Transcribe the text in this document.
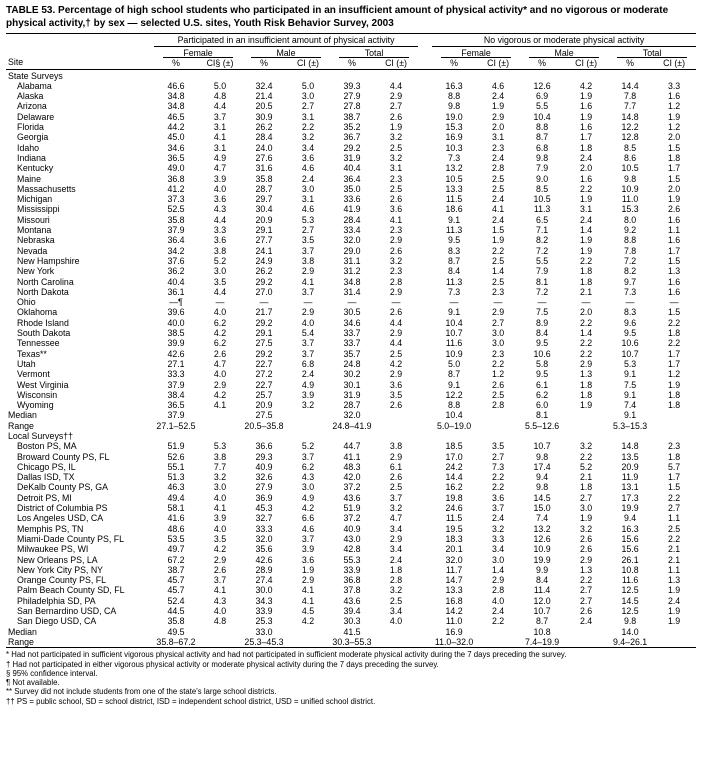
TABLE 53. Percentage of high school students who participated in an insufficient amount of physical activity* and no vigorous or moderate physical activity,† by sex — selected U.S. sites, Youth Risk Behavior Survey, 2003
Site	Participated in an insufficient amount of physical activity							No vigorous or moderate physical activity					
	Female		Male		Total			Female		Male		Total	
	%	CI§ (±)	%	CI (±)	%	CI (±)		%	CI (±)	%	CI (±)	%	CI (±)
State Surveys													
Alabama	46.6	5.0	32.4	5.0	39.3	4.4		16.3	4.6	12.6	4.2	14.4	3.3
Alaska	34.8	4.8	21.4	3.0	27.9	2.9		8.8	2.4	6.9	1.9	7.8	1.6
Arizona	34.8	4.4	20.5	2.7	27.8	2.7		9.8	1.9	5.5	1.6	7.7	1.2
Delaware	46.5	3.7	30.9	3.1	38.7	2.6		19.0	2.9	10.4	1.9	14.8	1.9
Florida	44.2	3.1	26.2	2.2	35.2	1.9		15.3	2.0	8.8	1.6	12.2	1.2
Georgia	45.0	4.1	28.4	3.2	36.7	3.2		16.9	3.1	8.7	1.7	12.8	2.0
Idaho	34.6	3.1	24.0	3.4	29.2	2.5		10.3	2.3	6.8	1.8	8.5	1.5
Indiana	36.5	4.9	27.6	3.6	31.9	3.2		7.3	2.4	9.8	2.4	8.6	1.8
Kentucky	49.0	4.7	31.6	4.6	40.4	3.1		13.2	2.8	7.9	2.0	10.5	1.7
Maine	36.8	3.9	35.8	2.4	36.4	2.3		10.5	2.5	9.0	1.6	9.8	1.5
Massachusetts	41.2	4.0	28.7	3.0	35.0	2.5		13.3	2.5	8.5	2.2	10.9	2.0
Michigan	37.3	3.6	29.7	3.1	33.6	2.6		11.5	2.4	10.5	1.9	11.0	1.9
Mississippi	52.5	4.3	30.4	4.6	41.9	3.6		18.6	4.1	11.3	3.1	15.3	2.6
Missouri	35.8	4.4	20.9	5.3	28.4	4.1		9.1	2.4	6.5	2.4	8.0	1.6
Montana	37.9	3.3	29.1	2.7	33.4	2.3		11.3	1.5	7.1	1.4	9.2	1.1
Nebraska	36.4	3.6	27.7	3.5	32.0	2.9		9.5	1.9	8.2	1.9	8.8	1.6
Nevada	34.2	3.8	24.1	3.7	29.0	2.6		8.3	2.2	7.2	1.9	7.8	1.7
New Hampshire	37.6	5.2	24.9	3.8	31.1	3.2		8.7	2.5	5.5	2.2	7.2	1.5
New York	36.2	3.0	26.2	2.9	31.2	2.3		8.4	1.4	7.9	1.8	8.2	1.3
North Carolina	40.4	3.5	29.2	4.1	34.8	2.8		11.3	2.5	8.1	1.8	9.7	1.6
North Dakota	36.1	4.4	27.0	3.7	31.4	2.9		7.3	2.3	7.2	2.1	7.3	1.6
Ohio	—¶	—	—	—	—	—		—	—	—	—	—	—
Oklahoma	39.6	4.0	21.7	2.9	30.5	2.6		9.1	2.9	7.5	2.0	8.3	1.5
Rhode Island	40.0	6.2	29.2	4.0	34.6	4.4		10.4	2.7	8.9	2.2	9.6	2.2
South Dakota	38.5	4.2	29.1	5.4	33.7	2.9		10.7	3.0	8.4	1.4	9.5	1.8
Tennessee	39.9	6.2	27.5	3.7	33.7	4.4		11.6	3.0	9.5	2.2	10.6	2.2
Texas**	42.6	2.6	29.2	3.7	35.7	2.5		10.9	2.3	10.6	2.2	10.7	1.7
Utah	27.1	4.7	22.7	6.8	24.8	4.2		5.0	2.2	5.8	2.9	5.3	1.7
Vermont	33.3	4.0	27.2	2.4	30.2	2.9		8.7	1.2	9.5	1.3	9.1	1.2
West Virginia	37.9	2.9	22.7	4.9	30.1	3.6		9.1	2.6	6.1	1.8	7.5	1.9
Wisconsin	38.4	4.2	25.7	3.9	31.9	3.5		12.2	2.5	6.2	1.8	9.1	1.8
Wyoming	36.5	4.1	20.9	3.2	28.7	2.6		8.8	2.8	6.0	1.9	7.4	1.8
Median	37.9		27.5		32.0			10.4		8.1		9.1	
Range	27.1–52.5		20.5–35.8		24.8–41.9			5.0–19.0		5.5–12.6		5.3–15.3	
Local Surveys††													
Boston PS, MA	51.9	5.3	36.6	5.2	44.7	3.8		18.5	3.5	10.7	3.2	14.8	2.3
Broward County PS, FL	52.6	3.8	29.3	3.7	41.1	2.9		17.0	2.7	9.8	2.2	13.5	1.8
Chicago PS, IL	55.1	7.7	40.9	6.2	48.3	6.1		24.2	7.3	17.4	5.2	20.9	5.7
Dallas ISD, TX	51.3	3.2	32.6	4.3	42.0	2.6		14.4	2.2	9.4	2.1	11.9	1.7
DeKalb County PS, GA	46.3	3.0	27.9	3.0	37.2	2.5		16.2	2.2	9.8	1.8	13.1	1.5
Detroit PS, MI	49.4	4.0	36.9	4.9	43.6	3.7		19.8	3.6	14.5	2.7	17.3	2.2
District of Columbia PS	58.1	4.1	45.3	4.2	51.9	3.2		24.6	3.7	15.0	3.0	19.9	2.7
Los Angeles USD, CA	41.6	3.9	32.7	6.6	37.2	4.7		11.5	2.4	7.4	1.9	9.4	1.1
Memphis PS, TN	48.6	4.0	33.3	4.6	40.9	3.4		19.5	3.2	13.2	3.2	16.3	2.5
Miami-Dade County PS, FL	53.5	3.5	32.0	3.7	43.0	2.9		18.3	3.3	12.6	2.6	15.6	2.2
Milwaukee PS, WI	49.7	4.2	35.6	3.9	42.8	3.4		20.1	3.4	10.9	2.6	15.6	2.1
New Orleans PS, LA	67.2	2.9	42.6	3.6	55.3	2.4		32.0	3.0	19.9	2.9	26.1	2.1
New York City PS, NY	38.7	2.6	28.9	1.9	33.9	1.8		11.7	1.4	9.9	1.3	10.8	1.1
Orange County PS, FL	45.7	3.7	27.4	2.9	36.8	2.8		14.7	2.9	8.4	2.2	11.6	1.3
Palm Beach County SD, FL	45.7	4.1	30.0	4.1	37.8	3.2		13.3	2.8	11.4	2.7	12.5	1.9
Philadelphia SD, PA	52.4	4.3	34.3	4.1	43.6	2.5		16.8	4.0	12.0	2.7	14.5	2.4
San Bernardino USD, CA	44.5	4.0	33.9	4.5	39.4	3.4		14.2	2.4	10.7	2.6	12.5	1.9
San Diego USD, CA	35.8	4.8	25.3	4.2	30.3	4.0		11.0	2.2	8.7	2.4	9.8	1.9
Median	49.5		33.0		41.5			16.9		10.8		14.0	
Range	35.8–67.2		25.3–45.3		30.3–55.3			11.0–32.0		7.4–19.9		9.4–26.1	
* Had not participated in sufficient vigorous physical activity and had not participated in sufficient moderate physical activity during the 7 days preceding the survey.
† Had not participated in either vigorous physical activity or moderate physical activity during the 7 days preceding the survey.
§ 95% confidence interval.
¶ Not available.
** Survey did not include students from one of the state's large school districts.
†† PS = public school, SD = school district, ISD = independent school district, USD = unified school district.
